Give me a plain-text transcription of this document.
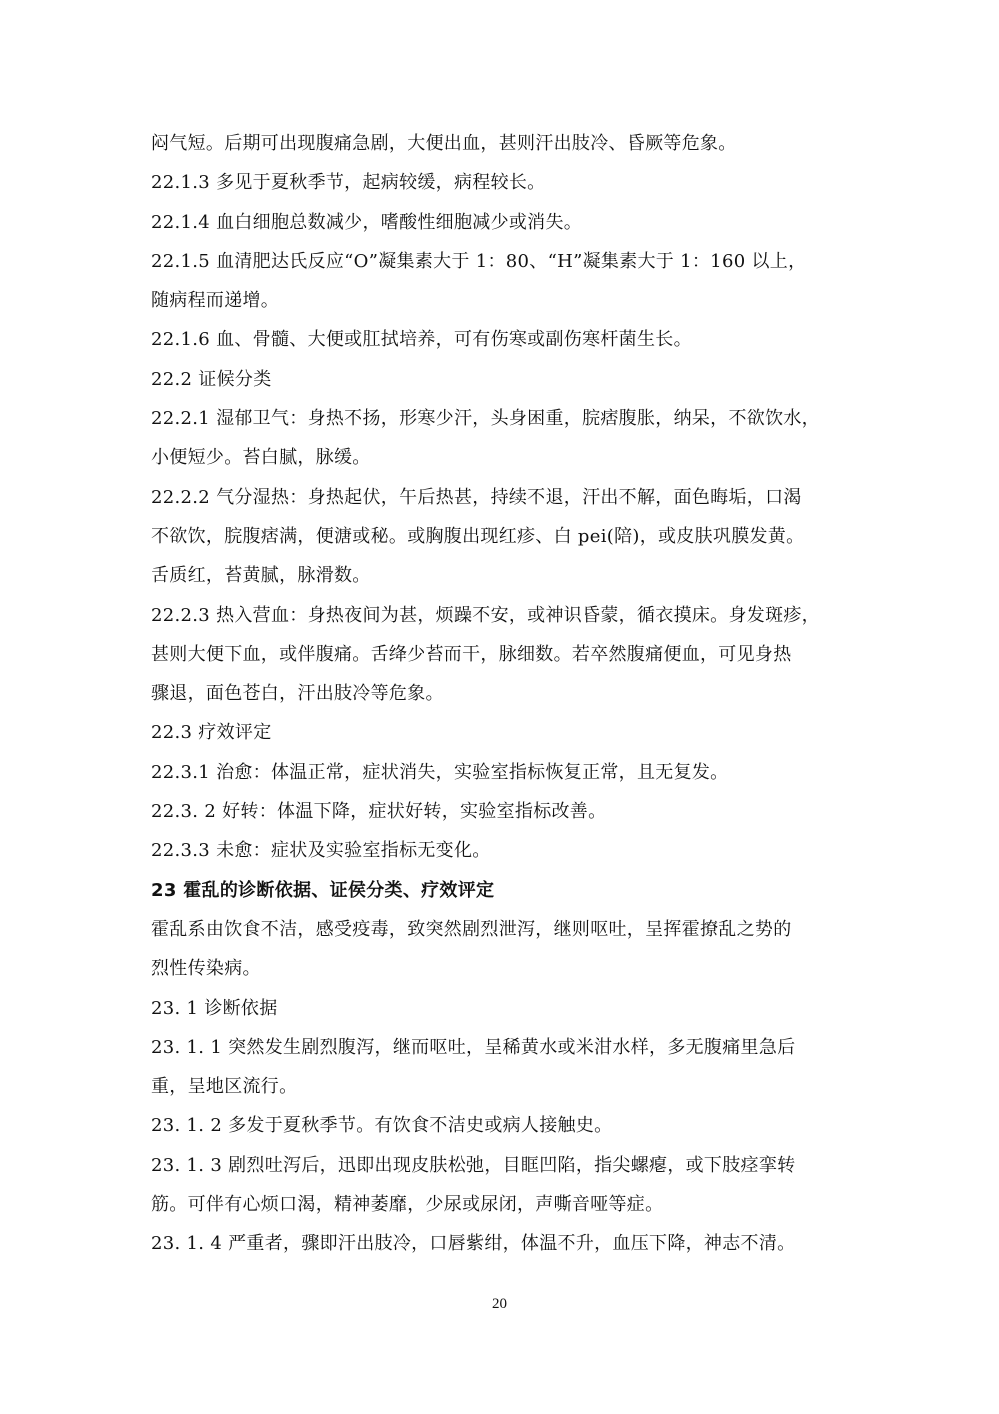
闷气短。后期可出现腹痛急剧，大便出血，甚则汗出肢冷、昏厥等危象。
22.1.3 多见于夏秋季节，起病较缓，病程较长。
22.1.4 血白细胞总数减少，嗜酸性细胞减少或消失。
22.1.5 血清肥达氏反应“O”凝集素大于 1：80、“H”凝集素大于 1：160 以上，
随病程而递增。
22.1.6 血、骨髓、大便或肛拭培养，可有伤寒或副伤寒杆菌生长。
22.2 证候分类
22.2.1 湿郁卫气：身热不扬，形寒少汗，头身困重，脘痞腹胀，纳呆，不欲饮水，
小便短少。苔白腻，脉缓。
22.2.2 气分湿热：身热起伏，午后热甚，持续不退，汗出不解，面色晦垢，口渴
不欲饮，脘腹痞满，便溏或秘。或胸腹出现红疹、白 pei(陪)，或皮肤巩膜发黄。
舌质红，苔黄腻，脉滑数。
22.2.3 热入营血：身热夜间为甚，烦躁不安，或神识昏蒙，循衣摸床。身发斑疹，
甚则大便下血，或伴腹痛。舌绛少苔而干，脉细数。若卒然腹痛便血，可见身热
骤退，面色苍白，汗出肢冷等危象。
22.3 疗效评定
22.3.1 治愈：体温正常，症状消失，实验室指标恢复正常，且无复发。
22.3. 2 好转：体温下降，症状好转，实验室指标改善。
22.3.3 未愈：症状及实验室指标无变化。
23 霍乱的诊断依据、证侯分类、疗效评定
霍乱系由饮食不洁，感受疫毒，致突然剧烈泄泻，继则呕吐，呈挥霍撩乱之势的
烈性传染病。
23. 1 诊断依据
23. 1. 1 突然发生剧烈腹泻，继而呕吐，呈稀黄水或米泔水样，多无腹痛里急后
重，呈地区流行。
23. 1. 2 多发于夏秋季节。有饮食不洁史或病人接触史。
23. 1. 3 剧烈吐泻后，迅即出现皮肤松弛，目眶凹陷，指尖螺瘪，或下肢痉挛转
筋。可伴有心烦口渴，精神萎靡，少尿或尿闭，声嘶音哑等症。
23. 1. 4 严重者，骤即汗出肢冷，口唇紫绀，体温不升，血压下降，神志不清。
20
